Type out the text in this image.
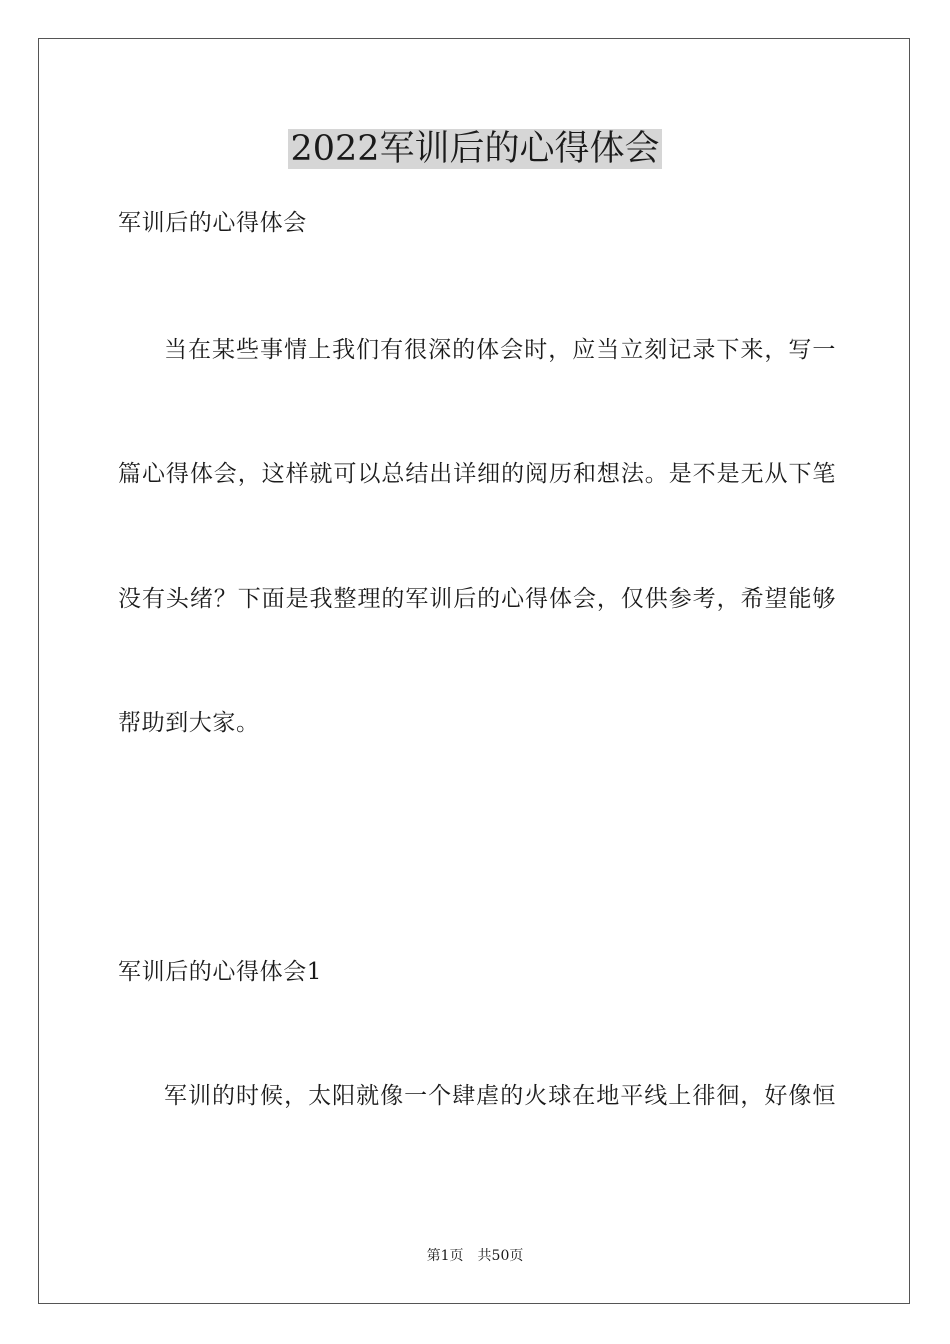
2022军训后的心得体会
军训后的心得体会
当在某些事情上我们有很深的体会时，应当立刻记录下来，写一
篇心得体会，这样就可以总结出详细的阅历和想法。是不是无从下笔
没有头绪？下面是我整理的军训后的心得体会，仅供参考，希望能够
帮助到大家。
军训后的心得体会1
军训的时候，太阳就像一个肆虐的火球在地平线上徘徊，好像恒
第1页 共50页
